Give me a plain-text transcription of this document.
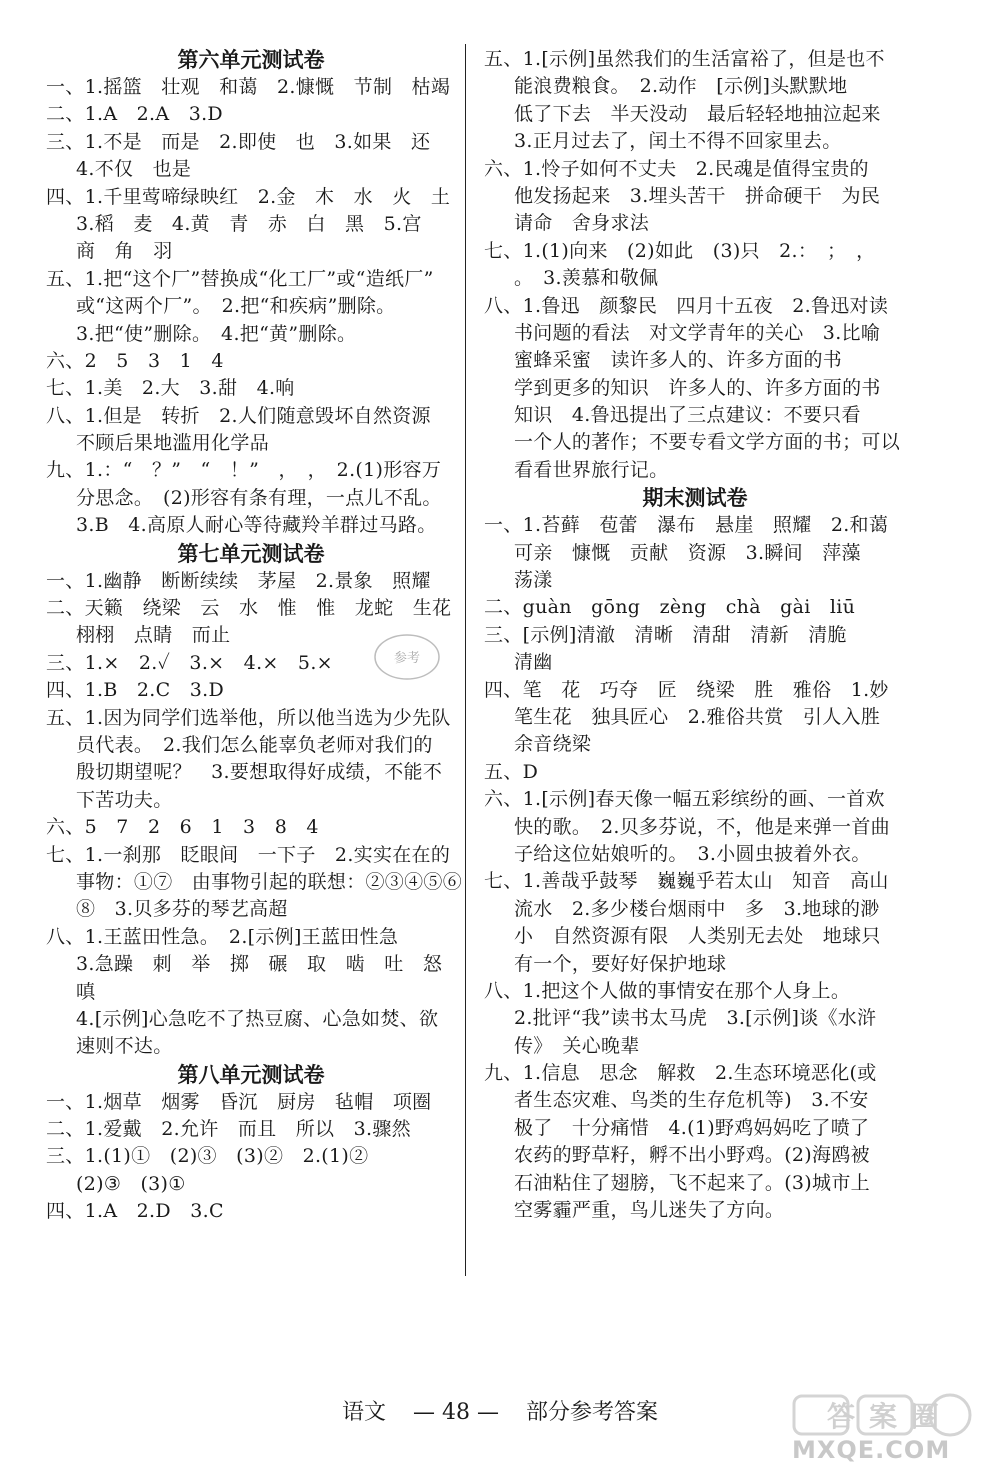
第六单元测试卷
一、1.摇篮　壮观　和蔼　2.慷慨　节制　枯竭
二、1.A　2.A　3.D
三、1.不是　而是　2.即使　也　3.如果　还
4.不仅　也是
四、1.千里莺啼绿映红　2.金　木　水　火　土
3.稻　麦　4.黄　青　赤　白　黑　5.宫
商　角　羽
五、1.把“这个厂”替换成“化工厂”或“造纸厂”
或“这两个厂”。　2.把“和疾病”删除。
3.把“使”删除。　4.把“黄”删除。
六、2　5　3　1　4
七、1.美　2.大　3.甜　4.响
八、1.但是　转折　2.人们随意毁坏自然资源
不顾后果地滥用化学品
九、1.：“　？”　“　！”　，　，　2.(1)形容万
分思念。　(2)形容有条有理，一点儿不乱。
3.B　4.高原人耐心等待藏羚羊群过马路。
第七单元测试卷
一、1.幽静　断断续续　茅屋　2.景象　照耀
二、天籁　绕梁　云　水　惟　惟　龙蛇　生花
栩栩　点睛　而止
三、1.×　2.✓　3.×　4.×　5.×
四、1.B　2.C　3.D
五、1.因为同学们选举他，所以他当选为少先队
员代表。　2.我们怎么能辜负老师对我们的
殷切期望呢？　3.要想取得好成绩，不能不
下苦功夫。
六、5　7　2　6　1　3　8　4
七、1.一刹那　眨眼间　一下子　2.实实在在的
事物：①⑦　由事物引起的联想：②③④⑤⑥
⑧　3.贝多芬的琴艺高超
八、1.王蓝田性急。　2.[示例]王蓝田性急
3.急躁　刺　举　掷　碾　取　啮　吐　怒
嗔
4.[示例]心急吃不了热豆腐、心急如焚、欲
速则不达。
第八单元测试卷
一、1.烟草　烟雾　昏沉　厨房　毡帽　项圈
二、1.爱戴　2.允许　而且　所以　3.骤然
三、1.(1)①　(2)③　(3)②　2.(1)②
(2)③　(3)①
四、1.A　2.D　3.C
五、1.[示例]虽然我们的生活富裕了，但是也不
能浪费粮食。　2.动作　[示例]头默默地
低了下去　半天没动　最后轻轻地抽泣起来
3.正月过去了，闰土不得不回家里去。
六、1.怜子如何不丈夫　2.民魂是值得宝贵的
他发扬起来　3.埋头苦干　拼命硬干　为民
请命　舍身求法
七、1.(1)向来　(2)如此　(3)只　2.：　；　，
。　3.羡慕和敬佩
八、1.鲁迅　颜黎民　四月十五夜　2.鲁迅对读
书问题的看法　对文学青年的关心　3.比喻
蜜蜂采蜜　读许多人的、许多方面的书
学到更多的知识　许多人的、许多方面的书
知识　4.鲁迅提出了三点建议：不要只看
一个人的著作；不要专看文学方面的书；可以
看看世界旅行记。
期末测试卷
一、1.苔藓　苞蕾　瀑布　悬崖　照耀　2.和蔼
可亲　慷慨　贡献　资源　3.瞬间　萍藻
荡漾
二、guàn　gōng　zèng　chà　gài　liū
三、[示例]清澈　清晰　清甜　清新　清脆
清幽
四、笔　花　巧夺　匠　绕梁　胜　雅俗　1.妙
笔生花　独具匠心　2.雅俗共赏　引人入胜
余音绕梁
五、D
六、1.[示例]春天像一幅五彩缤纷的画、一首欢
快的歌。　2.贝多芬说，不，他是来弹一首曲
子给这位姑娘听的。　3.小圆虫披着外衣。
七、1.善哉乎鼓琴　巍巍乎若太山　知音　高山
流水　2.多少楼台烟雨中　多　3.地球的渺
小　自然资源有限　人类别无去处　地球只
有一个，要好好保护地球
八、1.把这个人做的事情安在那个人身上。
2.批评“我”读书太马虎　3.[示例]谈《水浒
传》　关心晚辈
九、1.信息　思念　解救　2.生态环境恶化(或
者生态灾难、鸟类的生存危机等)　3.不安
极了　十分痛惜　4.(1)野鸡妈妈吃了喷了
农药的野草籽，孵不出小野鸡。(2)海鸥被
石油粘住了翅膀，飞不起来了。(3)城市上
空雾霾严重，鸟儿迷失了方向。
语文 — 48 — 部分参考答案
参考
答案圈
MXQE.COM
